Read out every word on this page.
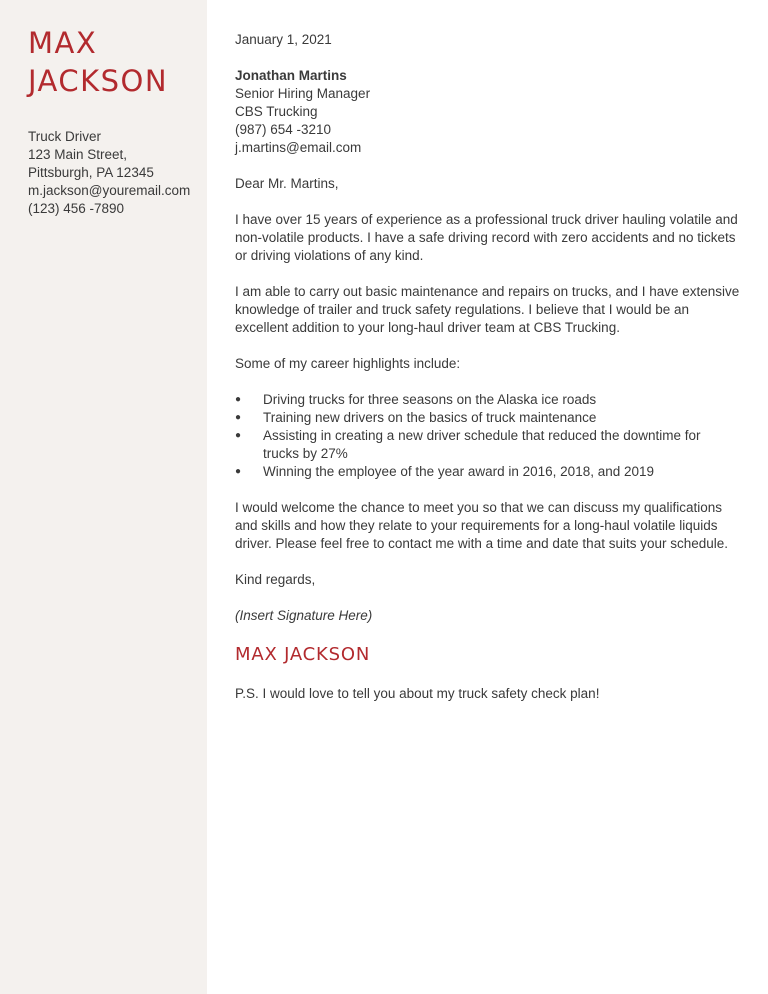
MAX
JACKSON
Truck Driver
123 Main Street,
Pittsburgh, PA 12345
m.jackson@youremail.com
(123) 456 -7890

January 1, 2021

Jonathan Martins
Senior Hiring Manager
CBS Trucking
(987) 654 -3210
j.martins@email.com

Dear Mr. Martins,

I have over 15 years of experience as a professional truck driver hauling volatile and non-volatile products. I have a safe driving record with zero accidents and no tickets or driving violations of any kind.

I am able to carry out basic maintenance and repairs on trucks, and I have extensive knowledge of trailer and truck safety regulations. I believe that I would be an excellent addition to your long-haul driver team at CBS Trucking.

Some of my career highlights include:

● Driving trucks for three seasons on the Alaska ice roads
● Training new drivers on the basics of truck maintenance
● Assisting in creating a new driver schedule that reduced the downtime for trucks by 27%
● Winning the employee of the year award in 2016, 2018, and 2019

I would welcome the chance to meet you so that we can discuss my qualifications and skills and how they relate to your requirements for a long-haul volatile liquids driver. Please feel free to contact me with a time and date that suits your schedule.

Kind regards,

(Insert Signature Here)

MAX JACKSON

P.S. I would love to tell you about my truck safety check plan!
